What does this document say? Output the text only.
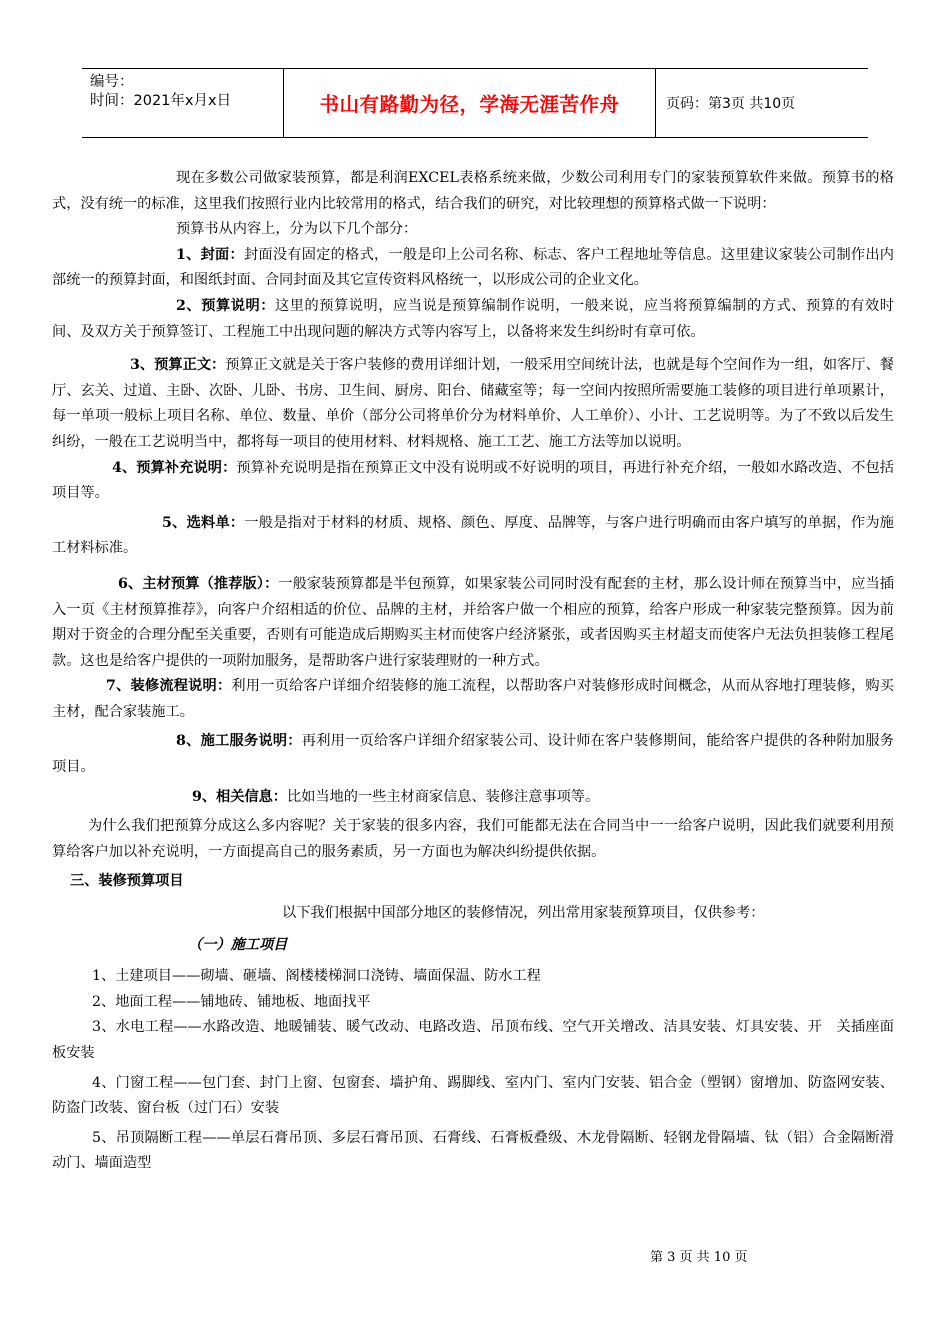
编号：
时间：2021年x月x日	书山有路勤为径，学海无涯苦作舟	页码：第3页 共10页

现在多数公司做家装预算，都是利润EXCEL表格系统来做，少数公司利用专门的家装预算软件来做。预算书的格式，没有统一的标准，这里我们按照行业内比较常用的格式，结合我们的研究，对比较理想的预算格式做一下说明：

预算书从内容上，分为以下几个部分：

1、封面：封面没有固定的格式，一般是印上公司名称、标志、客户工程地址等信息。这里建议家装公司制作出内部统一的预算封面，和图纸封面、合同封面及其它宣传资料风格统一，以形成公司的企业文化。

2、预算说明：这里的预算说明，应当说是预算编制作说明，一般来说，应当将预算编制的方式、预算的有效时间、及双方关于预算签订、工程施工中出现问题的解决方式等内容写上，以备将来发生纠纷时有章可依。

3、预算正文：预算正文就是关于客户装修的费用详细计划，一般采用空间统计法，也就是每个空间作为一组，如客厅、餐厅、玄关、过道、主卧、次卧、儿卧、书房、卫生间、厨房、阳台、储藏室等；每一空间内按照所需要施工装修的项目进行单项累计，每一单项一般标上项目名称、单位、数量、单价（部分公司将单价分为材料单价、人工单价）、小计、工艺说明等。为了不致以后发生纠纷，一般在工艺说明当中，都将每一项目的使用材料、材料规格、施工工艺、施工方法等加以说明。

4、预算补充说明：预算补充说明是指在预算正文中没有说明或不好说明的项目，再进行补充介绍，一般如水路改造、不包括项目等。

5、选料单：一般是指对于材料的材质、规格、颜色、厚度、品牌等，与客户进行明确而由客户填写的单据，作为施工材料标准。

6、主材预算（推荐版）：一般家装预算都是半包预算，如果家装公司同时没有配套的主材，那么设计师在预算当中，应当插入一页《主材预算推荐》，向客户介绍相适的价位、品牌的主材，并给客户做一个相应的预算，给客户形成一种家装完整预算。因为前期对于资金的合理分配至关重要，否则有可能造成后期购买主材而使客户经济紧张，或者因购买主材超支而使客户无法负担装修工程尾款。这也是给客户提供的一项附加服务，是帮助客户进行家装理财的一种方式。

7、装修流程说明：利用一页给客户详细介绍装修的施工流程，以帮助客户对装修形成时间概念，从而从容地打理装修，购买主材，配合家装施工。

8、施工服务说明：再利用一页给客户详细介绍家装公司、设计师在客户装修期间，能给客户提供的各种附加服务项目。

9、相关信息：比如当地的一些主材商家信息、装修注意事项等。

为什么我们把预算分成这么多内容呢？关于家装的很多内容，我们可能都无法在合同当中一一给客户说明，因此我们就要利用预算给客户加以补充说明，一方面提高自己的服务素质，另一方面也为解决纠纷提供依据。

三、装修预算项目

以下我们根据中国部分地区的装修情况，列出常用家装预算项目，仅供参考：

（一）施工项目

1、土建项目——砌墙、砸墙、阁楼楼梯洞口浇铸、墙面保温、防水工程

2、地面工程——铺地砖、铺地板、地面找平

3、水电工程——水路改造、地暖铺装、暖气改动、电路改造、吊顶布线、空气开关增改、洁具安装、灯具安装、开　关插座面板安装

4、门窗工程——包门套、封门上窗、包窗套、墙护角、踢脚线、室内门、室内门安装、铝合金（塑钢）窗增加、防盗网安装、防盗门改装、窗台板（过门石）安装

5、吊顶隔断工程——单层石膏吊顶、多层石膏吊顶、石膏线、石膏板叠级、木龙骨隔断、轻钢龙骨隔墙、钛（铝）合金隔断滑动门、墙面造型

第 3 页 共 10 页
